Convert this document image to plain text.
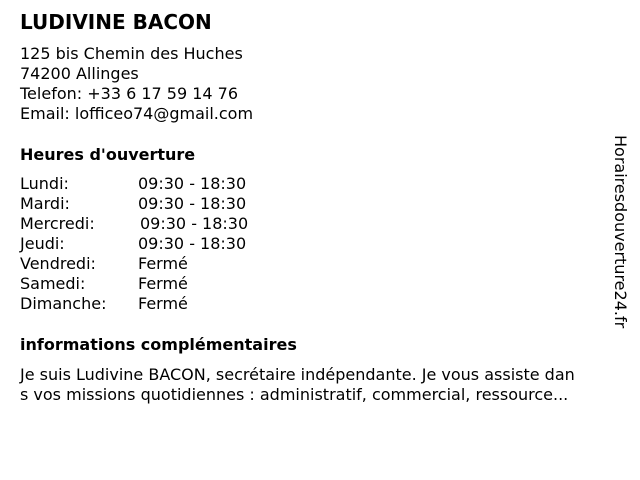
LUDIVINE BACON
125 bis Chemin des Huches
74200 Allinges
Telefon: +33 6 17 59 14 76
Email: lofficeo74@gmail.com
Heures d'ouverture
Lundi:	09:30 - 18:30
Mardi:	09:30 - 18:30
Mercredi:	09:30 - 18:30
Jeudi:	09:30 - 18:30
Vendredi:	Fermé
Samedi:	Fermé
Dimanche: Fermé
informations complémentaires
Je suis Ludivine BACON, secrétaire indépendante. Je vous assiste dan
s vos missions quotidiennes : administratif, commercial, ressource...
Horairesdouverture24.fr
